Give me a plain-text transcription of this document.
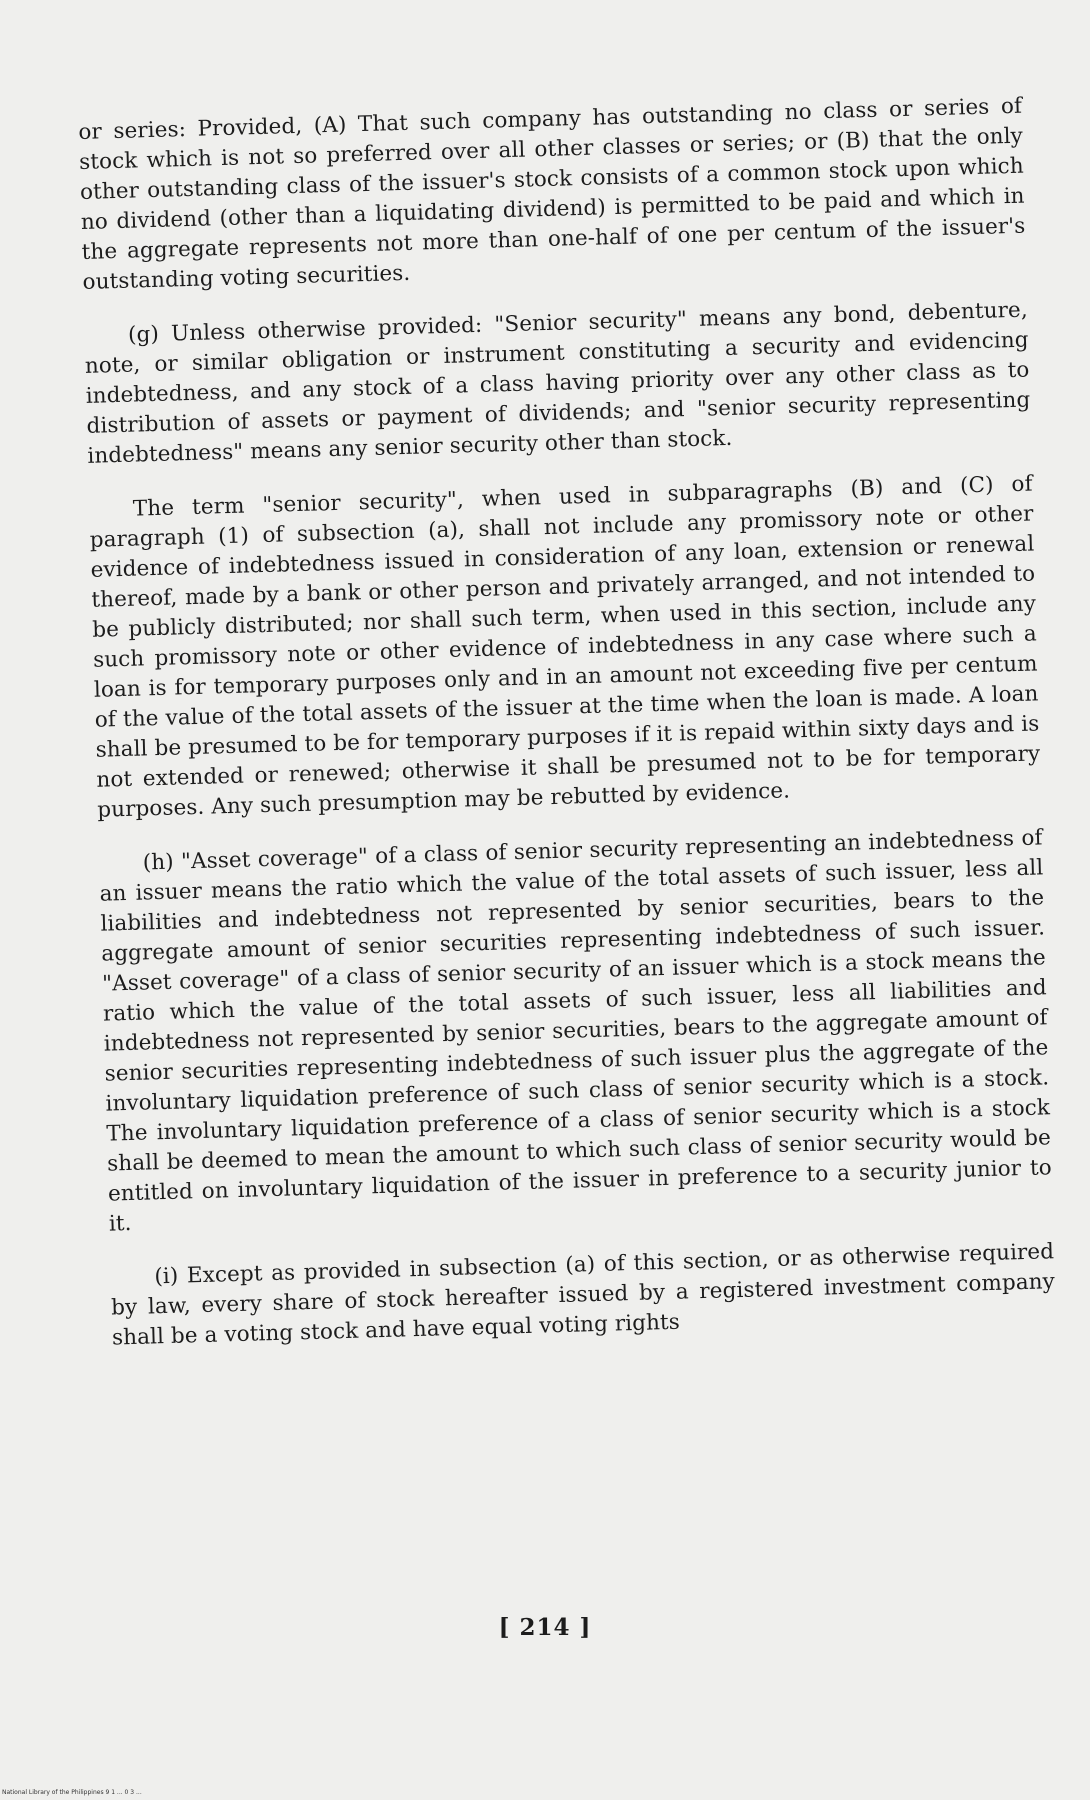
or series: Provided, (A) That such company has outstanding no class or series of stock which is not so preferred over all other classes or series; or (B) that the only other outstanding class of the issuer's stock consists of a common stock upon which no dividend (other than a liquidating dividend) is permitted to be paid and which in the aggregate represents not more than one-half of one per centum of the issuer's outstanding voting securities.

(g) Unless otherwise provided: "Senior security" means any bond, debenture, note, or similar obligation or instrument constituting a security and evidencing indebtedness, and any stock of a class having priority over any other class as to distribution of assets or payment of dividends; and "senior security representing indebtedness" means any senior security other than stock.

The term "senior security", when used in subparagraphs (B) and (C) of paragraph (1) of subsection (a), shall not include any promissory note or other evidence of indebtedness issued in consideration of any loan, extension or renewal thereof, made by a bank or other person and privately arranged, and not intended to be publicly distributed; nor shall such term, when used in this section, include any such promissory note or other evidence of indebtedness in any case where such a loan is for temporary purposes only and in an amount not exceeding five per centum of the value of the total assets of the issuer at the time when the loan is made. A loan shall be presumed to be for temporary purposes if it is repaid within sixty days and is not extended or renewed; otherwise it shall be presumed not to be for temporary purposes. Any such presumption may be rebutted by evidence.

(h) "Asset coverage" of a class of senior security representing an indebtedness of an issuer means the ratio which the value of the total assets of such issuer, less all liabilities and indebtedness not represented by senior securities, bears to the aggregate amount of senior securities representing indebtedness of such issuer. "Asset coverage" of a class of senior security of an issuer which is a stock means the ratio which the value of the total assets of such issuer, less all liabilities and indebtedness not represented by senior securities, bears to the aggregate amount of senior securities representing indebtedness of such issuer plus the aggregate of the involuntary liquidation preference of such class of senior security which is a stock. The involuntary liquidation preference of a class of senior security which is a stock shall be deemed to mean the amount to which such class of senior security would be entitled on involuntary liquidation of the issuer in preference to a security junior to it.

(i) Except as provided in subsection (a) of this section, or as otherwise required by law, every share of stock hereafter issued by a registered investment company shall be a voting stock and have equal voting rights

[ 214 ]
National Library of the Philippines 9 1 ... 0 3 ...
